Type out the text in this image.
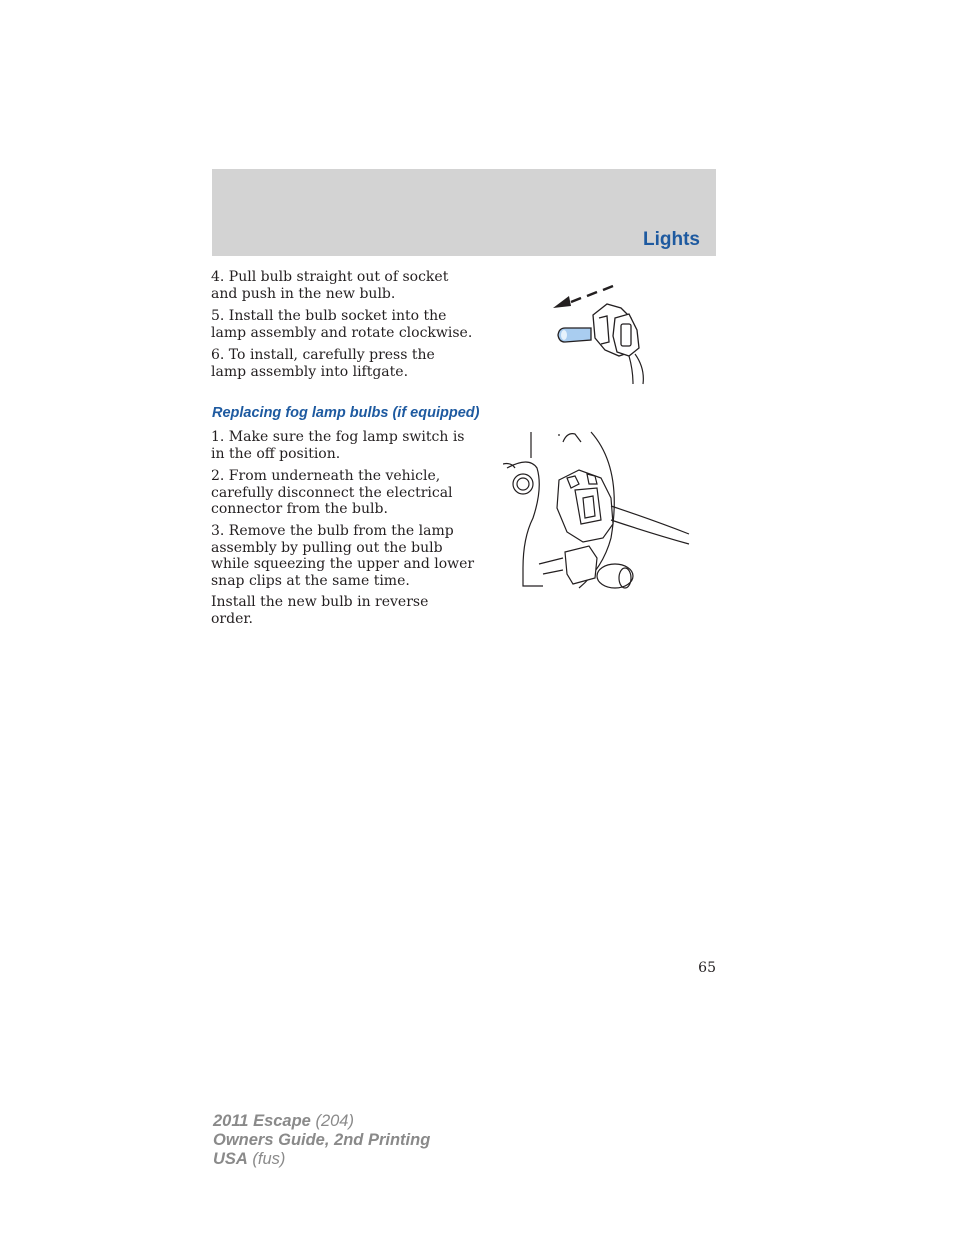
Lights

4. Pull bulb straight out of socket
and push in the new bulb.

5. Install the bulb socket into the
lamp assembly and rotate clockwise.

6. To install, carefully press the
lamp assembly into liftgate.

Replacing fog lamp bulbs (if equipped)

1. Make sure the fog lamp switch is
in the off position.

2. From underneath the vehicle,
carefully disconnect the electrical
connector from the bulb.

3. Remove the bulb from the lamp
assembly by pulling out the bulb
while squeezing the upper and lower
snap clips at the same time.

Install the new bulb in reverse
order.

65
2011 Escape (204)
Owners Guide, 2nd Printing
USA (fus)
